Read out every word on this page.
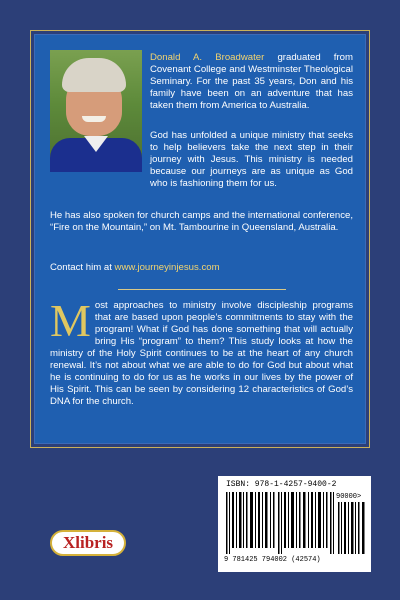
Donald A. Broadwater graduated from Covenant College and Westminster Theological Seminary. For the past 35 years, Don and his family have been on an adventure that has taken them from America to Australia.

God has unfolded a unique ministry that seeks to help believers take the next step in their journey with Jesus. This ministry is needed because our journeys are as unique as God who is fashioning them for us.

He has also spoken for church camps and the international conference, “Fire on the Mountain,” on Mt. Tambourine in Queensland, Australia.

Contact him at www.journeyinjesus.com

Most approaches to ministry involve discipleship programs that are based upon people’s commitments to stay with the program! What if God has done something that will actually bring His “program” to them? This study looks at how the ministry of the Holy Spirit continues to be at the heart of any church renewal. It’s not about what we are able to do for God but about what he is continuing to do for us as he works in our lives by the power of His Spirit. This can be seen by considering 12 characteristics of God’s DNA for the church.

Xlibris
ISBN: 978-1-4257-9400-2
90000>
9 781425 794002 (42574)
